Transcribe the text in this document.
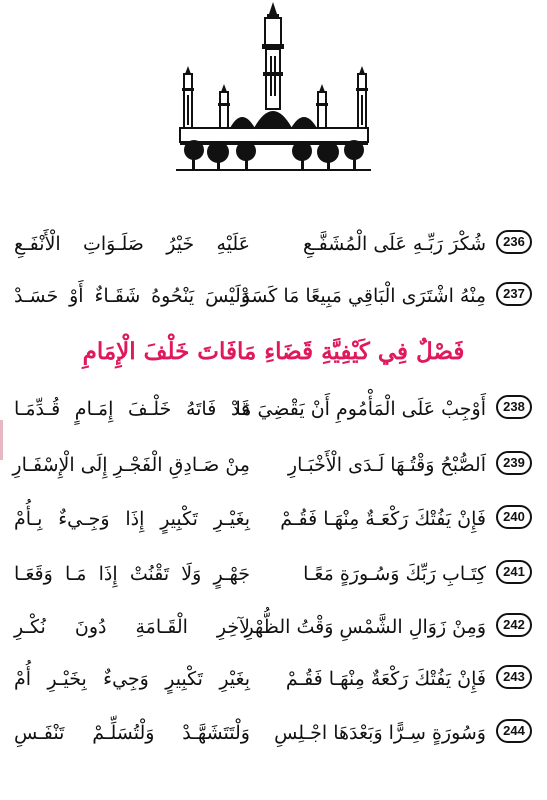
236
شُكْرَ رَبِّـهِ عَلَى الْمُشَفَّـعِ
عَلَيْهِ خَيْرُ صَلَـوَاتِ الْأَنْفَـعِ
237
مِنْهُ اشْتَرَى الْبَاقِي مَبِيعًا مَا كَسَدْ
وَلَيْسَ يَنْحُوهُ شَقَـاءٌ أَوْ حَسَـدْ
فَصْلٌ فِي كَيْفِيَّةِ قَضَاءِ مَافَاتَ خَلْفَ الْإِمَامِ
238
أَوْجِبْ عَلَى الْمَأْمُومِ أَنْ يَقْضِيَ مَا
قَدْ فَاتَهُ خَلْـفَ إِمَـامٍ قُـدِّمَـا
239
اَلصُّبْحُ وَقْتُـهَا لَـدَى الْأَخْبَـارِ
مِنْ صَـادِقِ الْفَجْـرِ إِلَى الْإِسْفَـارِ
240
فَإِنْ يَفُتْكَ رَكْعَـةٌ مِنْهَـا فَقُـمْ
بِغَيْـرِ تَكْبِيرٍ إِذَا وَجِـيءٌ بِـأُمْ
241
كِتَـابِ رَبِّكَ وَسُـورَةٍ مَعًـا
جَهْـرٍ وَلَا تَقْنُتْ إِذَا مَـا وَقَعَـا
242
وَمِنْ زَوَالِ الشَّمْسِ وَقْتُ الظُّهْرِ
لِآخِرِ الْقَـامَةِ دُونَ نُكْـرِ
243
فَإِنْ يَفُتْكَ رَكْعَةٌ مِنْهَـا فَقُـمْ
بِغَيْرِ تَكْبِيرٍ وَجِيءٌ بِخَيْـرِ أُمْ
244
وَسُورَةٍ سِـرًّا وَبَعْدَهَا اجْـلِسِ
وَلْتَتَشَهَّـدْ وَلْتُسَلِّـمْ تَنْفَـسِ
